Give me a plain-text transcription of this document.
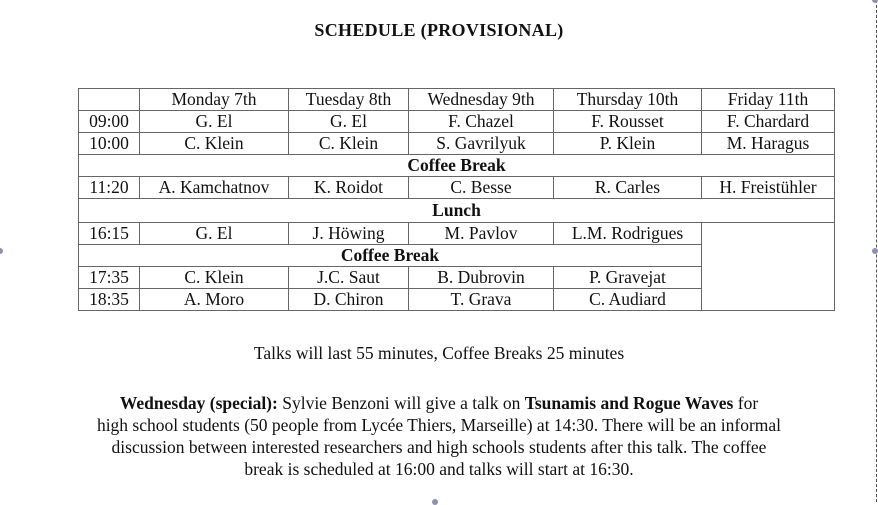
SCHEDULE (PROVISIONAL)
	Monday 7th	Tuesday 8th	Wednesday 9th	Thursday 10th	Friday 11th
09:00	G. El	G. El	F. Chazel	F. Rousset	F. Chardard
10:00	C. Klein	C. Klein	S. Gavrilyuk	P. Klein	M. Haragus
Coffee Break					
11:20	A. Kamchatnov	K. Roidot	C. Besse	R. Carles	H. Freistühler
Lunch					
16:15	G. El	J. Höwing	M. Pavlov	L.M. Rodrigues	
Coffee Break					
17:35	C. Klein	J.C. Saut	B. Dubrovin	P. Gravejat	
18:35	A. Moro	D. Chiron	T. Grava	C. Audiard	
Talks will last 55 minutes, Coffee Breaks 25 minutes
Wednesday (special): Sylvie Benzoni will give a talk on Tsunamis and Rogue Waves for
high school students (50 people from Lycée Thiers, Marseille) at 14:30. There will be an informal
discussion between interested researchers and high schools students after this talk. The coffee
break is scheduled at 16:00 and talks will start at 16:30.
